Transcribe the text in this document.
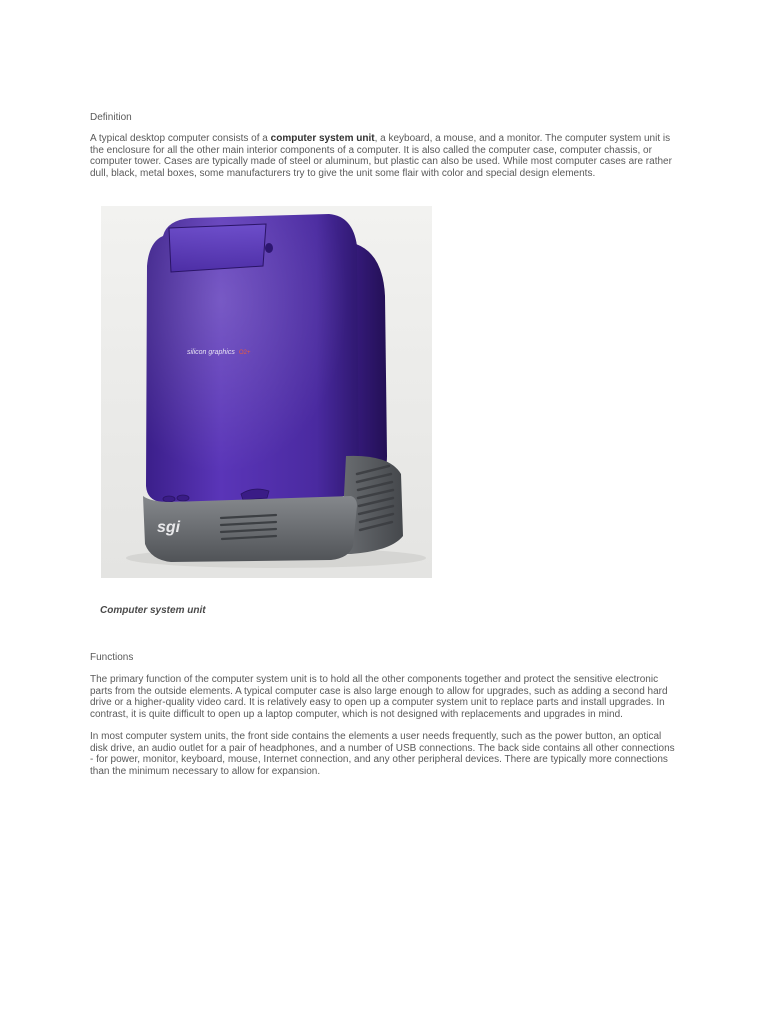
Definition
A typical desktop computer consists of a computer system unit, a keyboard, a mouse, and a monitor. The computer system unit is the enclosure for all the other main interior components of a computer. It is also called the computer case, computer chassis, or computer tower. Cases are typically made of steel or aluminum, but plastic can also be used. While most computer cases are rather dull, black, metal boxes, some manufacturers try to give the unit some flair with color and special design elements.
silicon graphics O2+
sgi
Computer system unit
Functions
The primary function of the computer system unit is to hold all the other components together and protect the sensitive electronic parts from the outside elements. A typical computer case is also large enough to allow for upgrades, such as adding a second hard drive or a higher-quality video card. It is relatively easy to open up a computer system unit to replace parts and install upgrades. In contrast, it is quite difficult to open up a laptop computer, which is not designed with replacements and upgrades in mind.
In most computer system units, the front side contains the elements a user needs frequently, such as the power button, an optical disk drive, an audio outlet for a pair of headphones, and a number of USB connections. The back side contains all other connections - for power, monitor, keyboard, mouse, Internet connection, and any other peripheral devices. There are typically more connections than the minimum necessary to allow for expansion.
